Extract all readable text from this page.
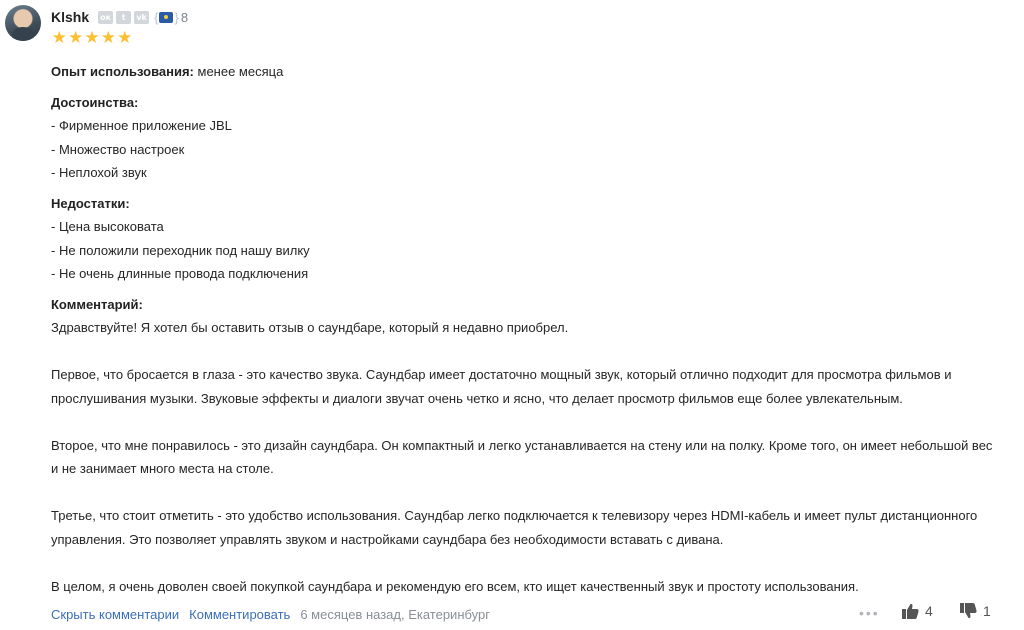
Klshk ок	t	vk { } 8
★ ★ ★ ★ ★

Опыт использования: менее месяца

Достоинства:
- Фирменное приложение JBL
- Множество настроек
- Неплохой звук
Недостатки:
- Цена высоковата
- Не положили переходник под нашу вилку
- Не очень длинные провода подключения
Комментарий:

Здравствуйте! Я хотел бы оставить отзыв о саундбаре, который я недавно приобрел.

Первое, что бросается в глаза - это качество звука. Саундбар имеет достаточно мощный звук, который отлично подходит для просмотра фильмов и прослушивания музыки. Звуковые эффекты и диалоги звучат очень четко и ясно, что делает просмотр фильмов еще более увлекательным.

Второе, что мне понравилось - это дизайн саундбара. Он компактный и легко устанавливается на стену или на полку. Кроме того, он имеет небольшой вес и не занимает много места на столе.

Третье, что стоит отметить - это удобство использования. Саундбар легко подключается к телевизору через HDMI-кабель и имеет пульт дистанционного управления. Это позволяет управлять звуком и настройками саундбара без необходимости вставать с дивана.

В целом, я очень доволен своей покупкой саундбара и рекомендую его всем, кто ищет качественный звук и простоту использования.

Скрыть комментарии Комментировать 6 месяцев назад, Екатеринбург	•••	4	1
